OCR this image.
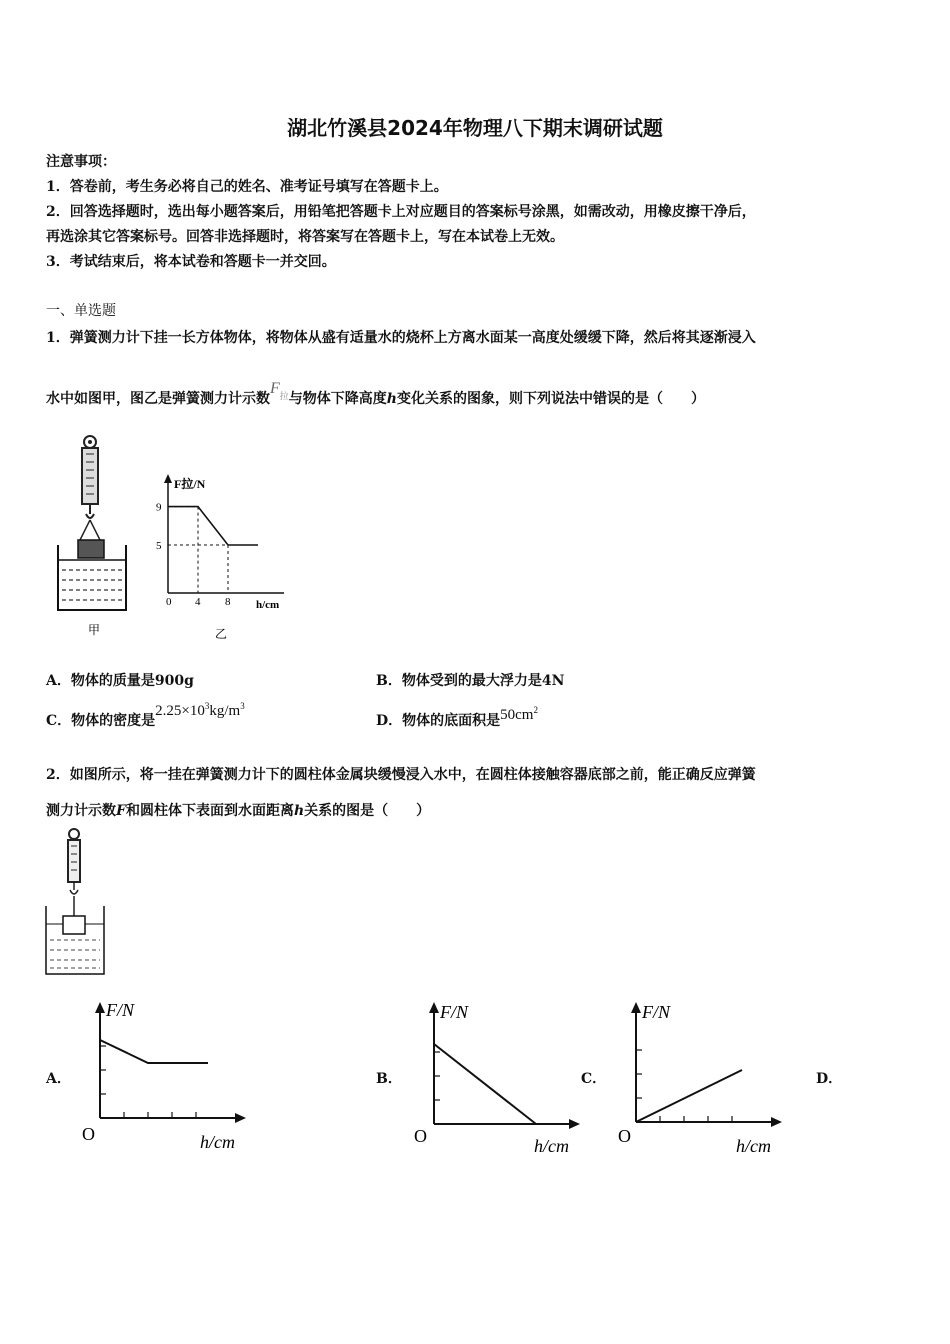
湖北竹溪县2024年物理八下期末调研试题
注意事项：
1．答卷前，考生务必将自己的姓名、准考证号填写在答题卡上。
2．回答选择题时，选出每小题答案后，用铅笔把答题卡上对应题目的答案标号涂黑，如需改动，用橡皮擦干净后，
再选涂其它答案标号。回答非选择题时，将答案写在答题卡上，写在本试卷上无效。
3．考试结束后，将本试卷和答题卡一并交回。
一、单选题
1．弹簧测力计下挂一长方体物体，将物体从盛有适量水的烧杯上方离水面某一高度处缓缓下降，然后将其逐渐浸入
水中如图甲，图乙是弹簧测力计示数$F^拉$与物体下降高度h变化关系的图象，则下列说法中错误的是（　　）
甲
F拉/N
h/cm
0
5
9
4 8
乙
A．物体的质量是900g	B．物体受到的最大浮力是4N
C．物体的密度是$2.25\times 10^3kg/m^3$
D．物体的底面积是$50cm^2$
2．如图所示，将一挂在弹簧测力计下的圆柱体金属块缓慢浸入水中，在圆柱体接触容器底部之前，能正确反应弹簧
测力计示数F和圆柱体下表面到水面距离h关系的图是（　　）
A．	B．	C．	D．
F/N
O	h/cm
F/N
O	h/cm
F/N
O	h/cm
